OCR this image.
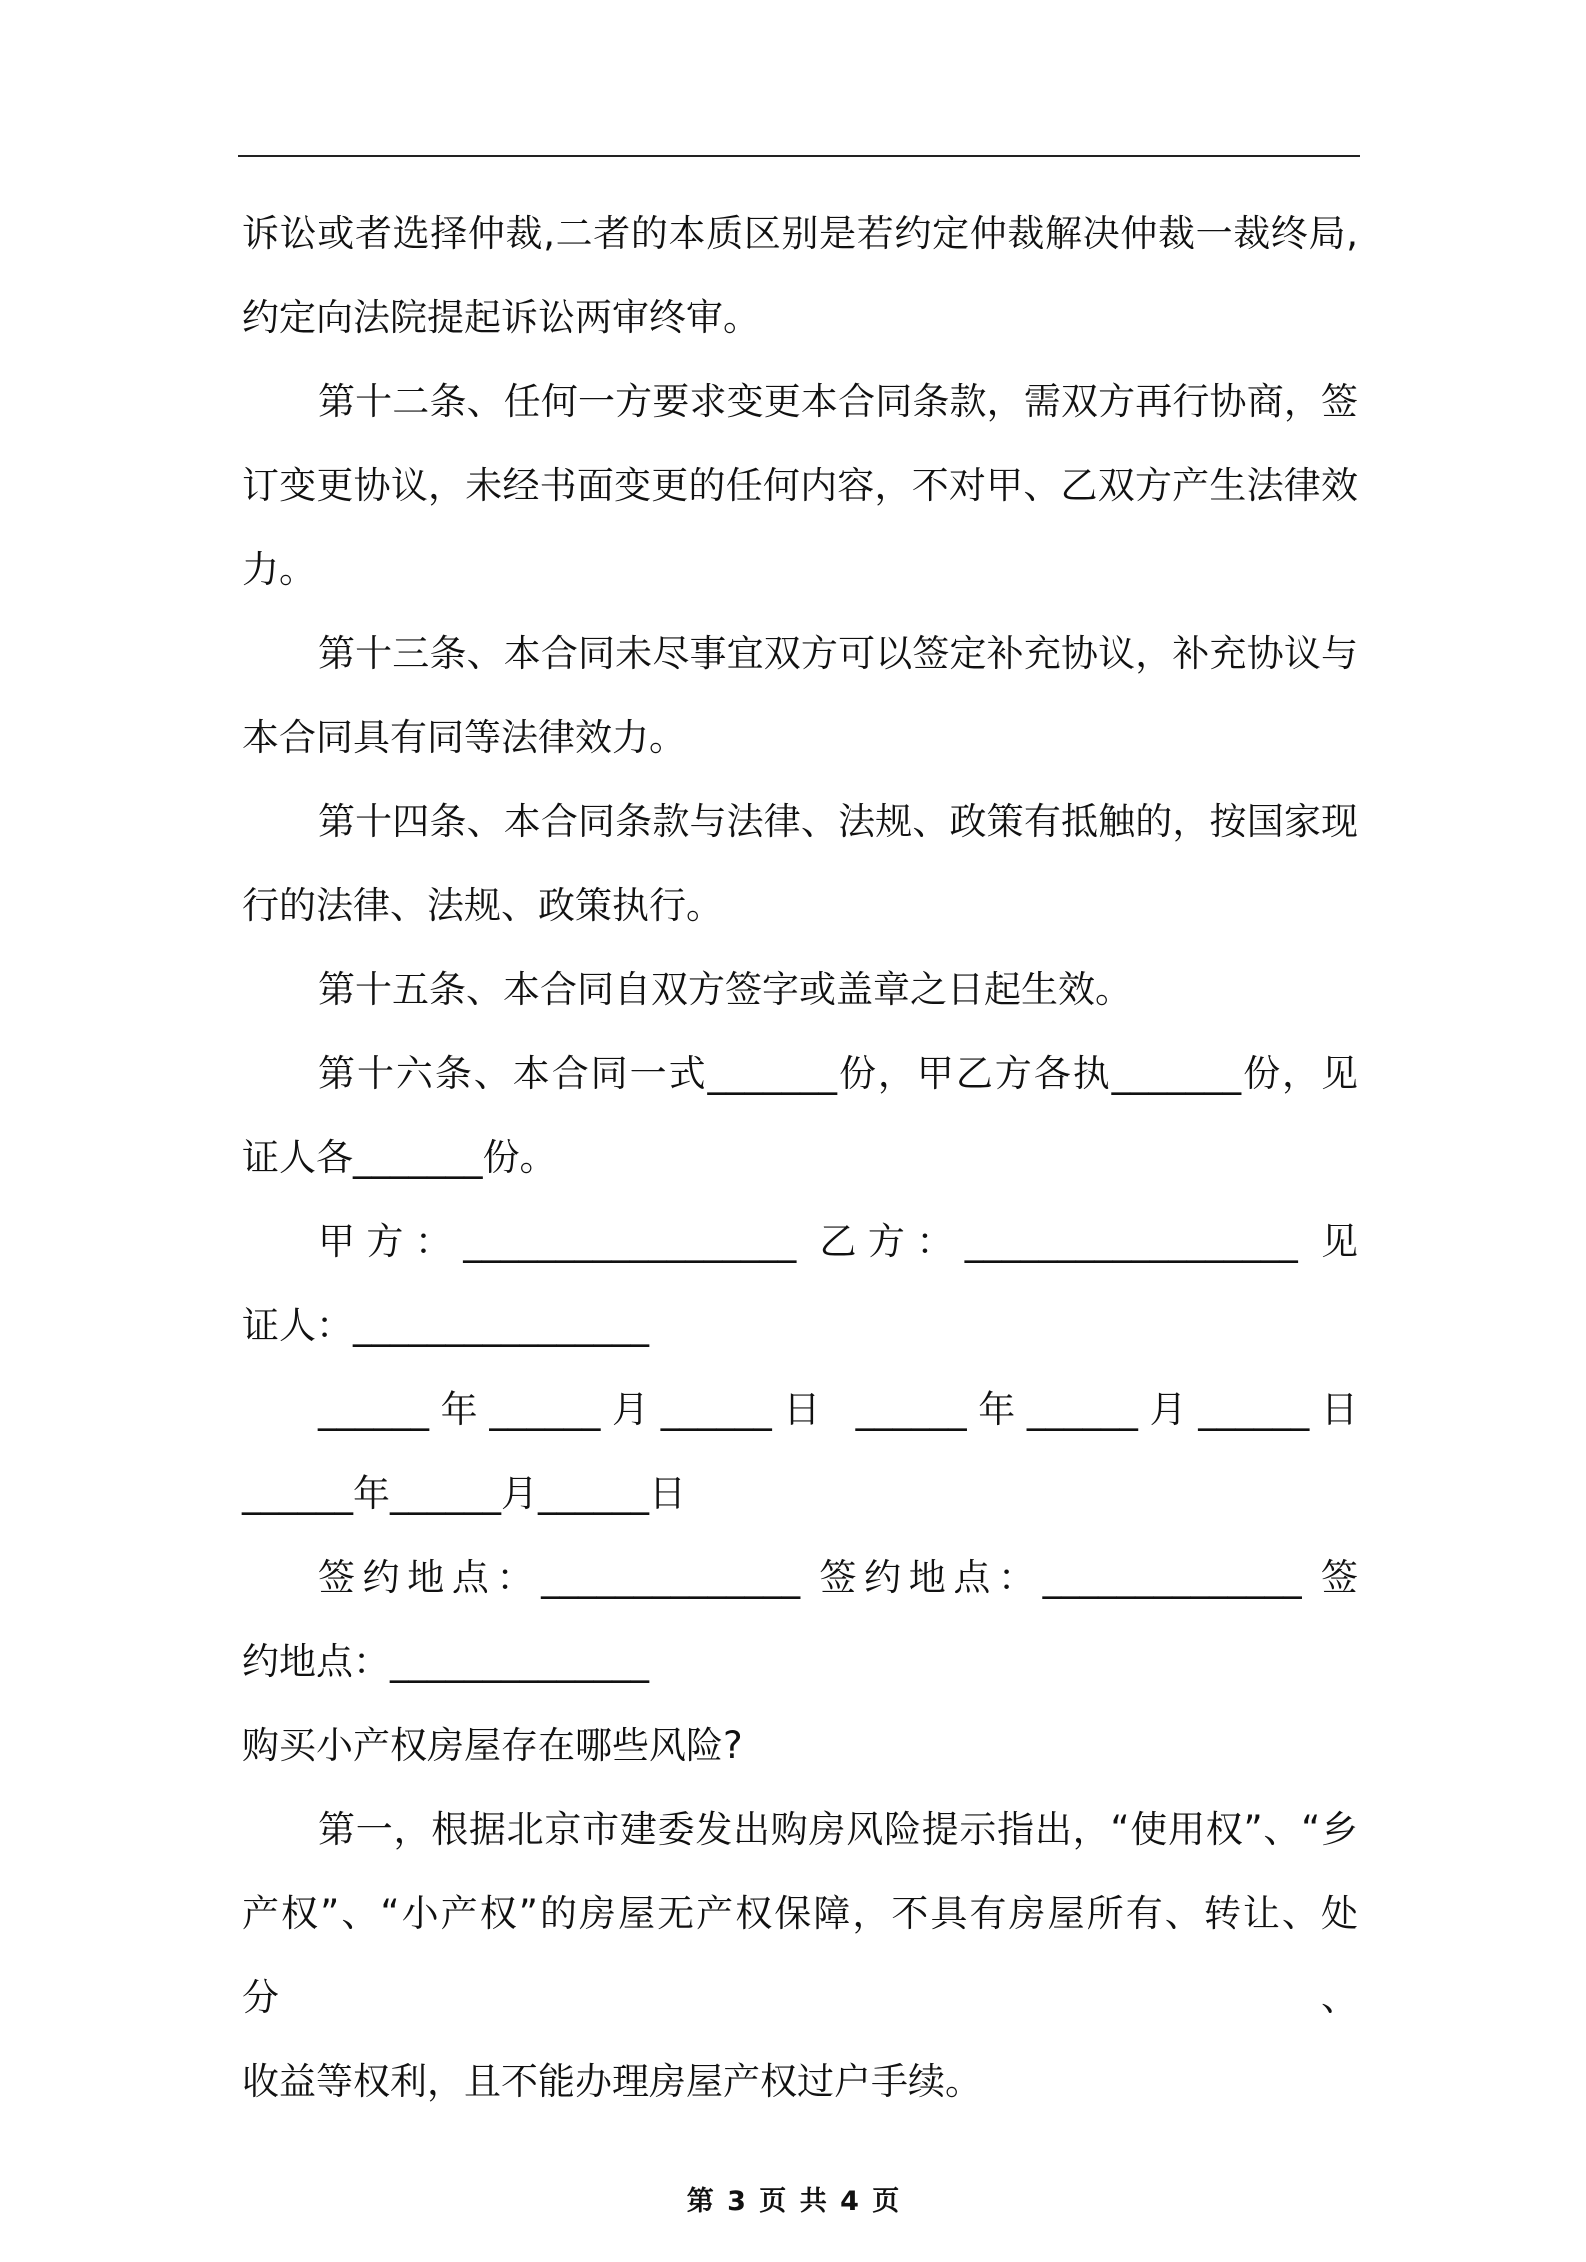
诉讼或者选择仲裁,二者的本质区别是若约定仲裁解决仲裁一裁终局,
约定向法院提起诉讼两审终审。
第十二条、任何一方要求变更本合同条款，需双方再行协商，签
订变更协议，未经书面变更的任何内容，不对甲、乙双方产生法律效
力。
第十三条、本合同未尽事宜双方可以签定补充协议，补充协议与
本合同具有同等法律效力。
第十四条、本合同条款与法律、法规、政策有抵触的，按国家现
行的法律、法规、政策执行。
第十五条、本合同自双方签字或盖章之日起生效。
第十六条、本合同一式_______份，甲乙方各执_______份，见
证人各_______份。
甲方：__________________ 乙方：__________________ 见
证人：________________
______年______月______日 ______年______月______日
______年______月______日
签约地点：______________ 签约地点：______________ 签
约地点：______________
购买小产权房屋存在哪些风险?
第一，根据北京市建委发出购房风险提示指出，“使用权”、“乡
产权”、“小产权”的房屋无产权保障，不具有房屋所有、转让、处分、
收益等权利，且不能办理房屋产权过户手续。
第 3 页 共 4 页
